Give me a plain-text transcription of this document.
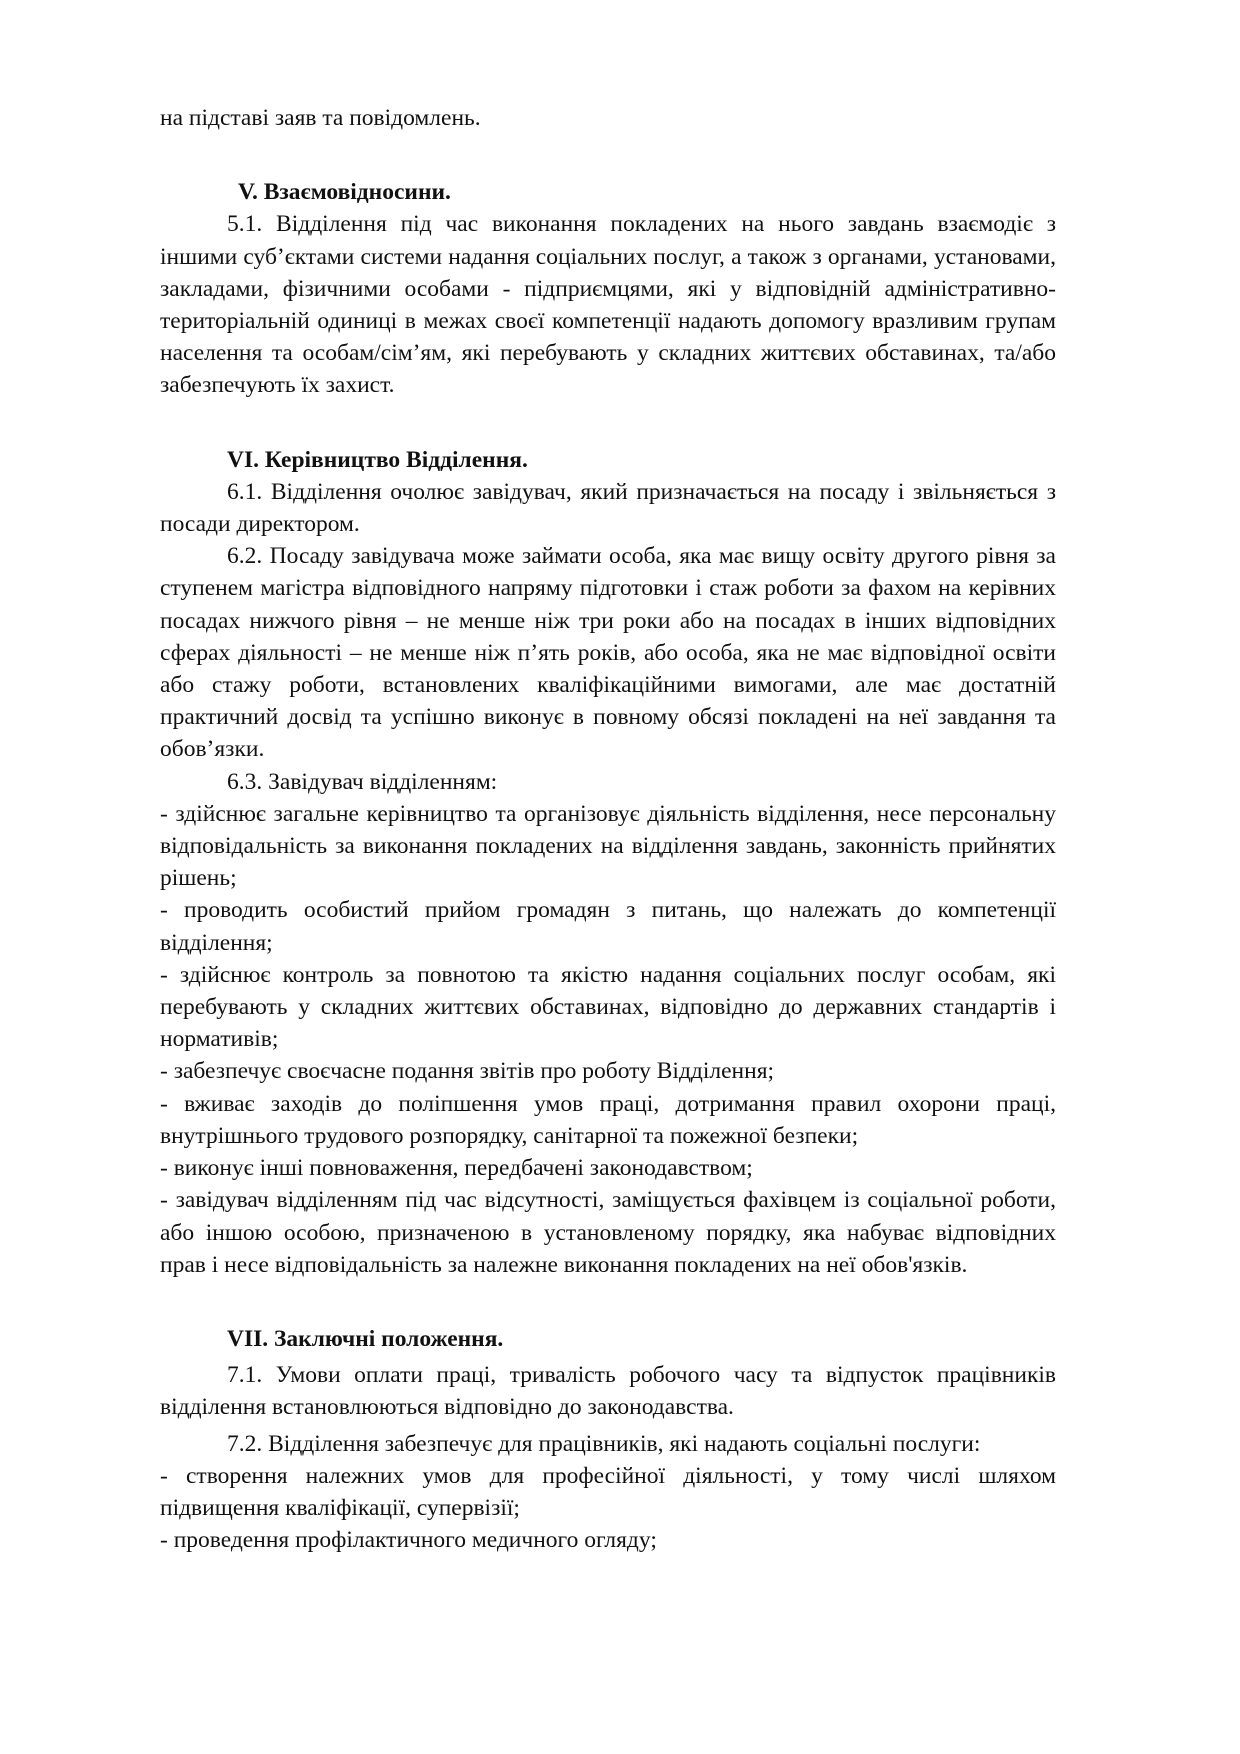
на підставі заяв та повідомлень.

V. Взаємовідносини.

5.1. Відділення під час виконання покладених на нього завдань взаємодіє з іншими суб’єктами системи надання соціальних послуг, а також з органами, установами, закладами, фізичними особами - підприємцями, які у відповідній адміністративно-територіальній одиниці в межах своєї компетенції надають допомогу вразливим групам населення та особам/сім’ям, які перебувають у складних життєвих обставинах, та/або забезпечують їх захист.

VI. Керівництво Відділення.

6.1. Відділення очолює завідувач, який призначається на посаду і звільняється з посади директором.

6.2. Посаду завідувача може займати особа, яка має вищу освіту другого рівня за ступенем магістра відповідного напряму підготовки і стаж роботи за фахом на керівних посадах нижчого рівня – не менше ніж три роки або на посадах в інших відповідних сферах діяльності – не менше ніж п’ять років, або особа, яка не має відповідної освіти або стажу роботи, встановлених кваліфікаційними вимогами, але має достатній практичний досвід та успішно виконує в повному обсязі покладені на неї завдання та обов’язки.

6.3. Завідувач відділенням:

- здійснює загальне керівництво та організовує діяльність відділення, несе персональну відповідальність за виконання покладених на відділення завдань, законність прийнятих рішень;

- проводить особистий прийом громадян з питань, що належать до компетенції відділення;

- здійснює контроль за повнотою та якістю надання соціальних послуг особам, які перебувають у складних життєвих обставинах, відповідно до державних стандартів і нормативів;

- забезпечує своєчасне подання звітів про роботу Відділення;

- вживає заходів до поліпшення умов праці, дотримання правил охорони праці, внутрішнього трудового розпорядку, санітарної та пожежної безпеки;

- виконує інші повноваження, передбачені законодавством;

- завідувач відділенням під час відсутності, заміщується фахівцем із соціальної роботи, або іншою особою, призначеною в установленому порядку, яка набуває відповідних прав і несе відповідальність за належне виконання покладених на неї обов'язків.

VII. Заключні положення.

7.1. Умови оплати праці, тривалість робочого часу та відпусток працівників відділення встановлюються відповідно до законодавства.

7.2. Відділення забезпечує для працівників, які надають соціальні послуги:

- створення належних умов для професійної діяльності, у тому числі шляхом підвищення кваліфікації, супервізії;

- проведення профілактичного медичного огляду;
